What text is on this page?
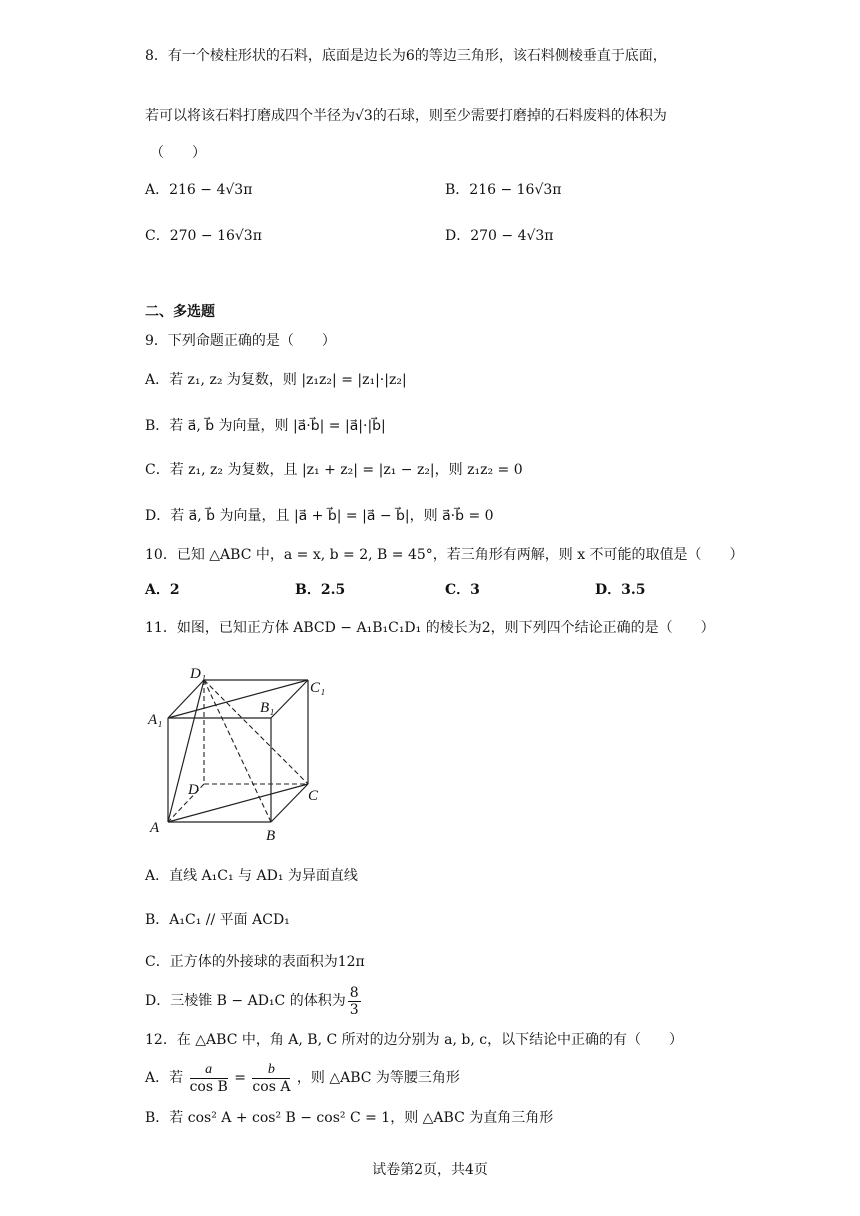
8．有一个棱柱形状的石料，底面是边长为6的等边三角形，该石料侧棱垂直于底面，
若可以将该石料打磨成四个半径为√3的石球，则至少需要打磨掉的石料废料的体积为
（　　）
A．216 − 4√3π	B．216 − 16√3π
C．270 − 16√3π	D．270 − 4√3π
二、多选题
9．下列命题正确的是（　　）
A．若 z₁, z₂ 为复数，则 |z₁z₂| = |z₁|·|z₂|
B．若 a⃗, b⃗ 为向量，则 |a⃗·b⃗| = |a⃗|·|b⃗|
C．若 z₁, z₂ 为复数，且 |z₁ + z₂| = |z₁ − z₂|，则 z₁z₂ = 0
D．若 a⃗, b⃗ 为向量，且 |a⃗ + b⃗| = |a⃗ − b⃗|，则 a⃗·b⃗ = 0
10．已知 △ABC 中，a = x, b = 2, B = 45°，若三角形有两解，则 x 不可能的取值是（　　）
A．2	B．2.5	C．3	D．3.5
11．如图，已知正方体 ABCD − A₁B₁C₁D₁ 的棱长为2，则下列四个结论正确的是（　　）
D₁
C₁
A₁
B₁
D	C
A	B
A．直线 A₁C₁ 与 AD₁ 为异面直线
B．A₁C₁ // 平面 ACD₁
C．正方体的外接球的表面积为12π
D．三棱锥 B − AD₁C 的体积为 $\frac{8}{3}$
12．在 △ABC 中，角 A, B, C 所对的边分别为 a, b, c，以下结论中正确的有（　　）
A．若 $\frac{a}{\text{cos B}} = \frac{b}{\text{cos A}}$ ，则 △ABC 为等腰三角形
B．若 cos² A + cos² B − cos² C = 1，则 △ABC 为直角三角形
试卷第2页，共4页
